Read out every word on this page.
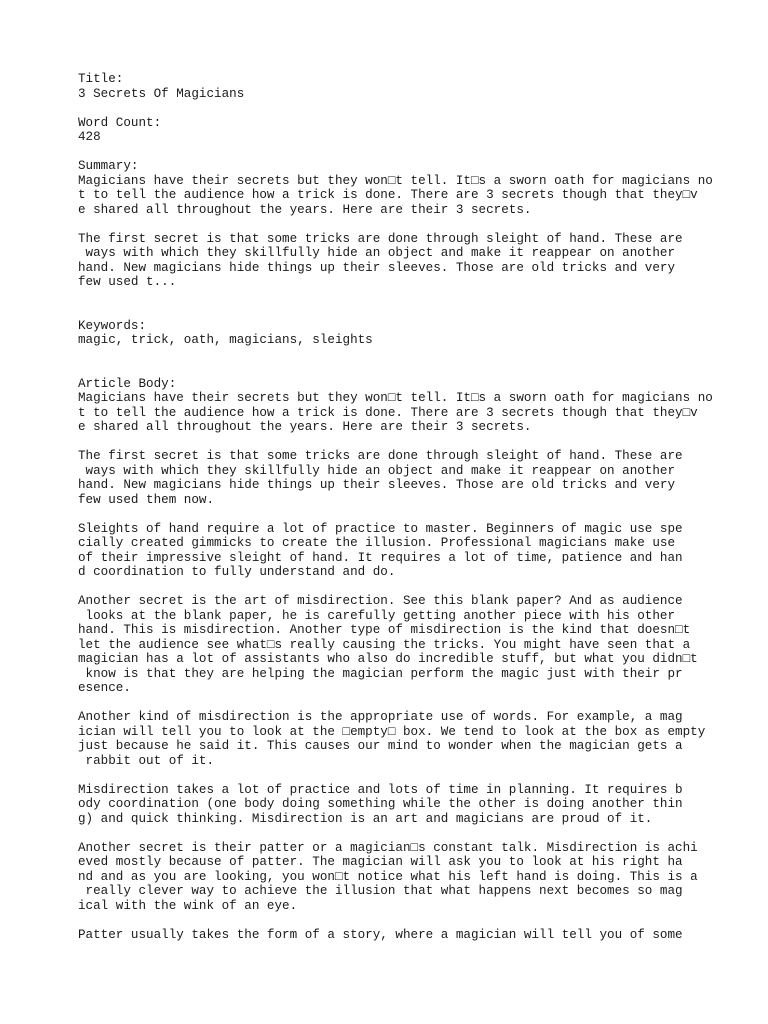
Title:
3 Secrets Of Magicians
Word Count:
428
Summary:
Magicians have their secrets but they won□t tell. It□s a sworn oath for magicians no
t to tell the audience how a trick is done. There are 3 secrets though that they□v
e shared all throughout the years. Here are their 3 secrets.
The first secret is that some tricks are done through sleight of hand. These are
ways with which they skillfully hide an object and make it reappear on another
hand. New magicians hide things up their sleeves. Those are old tricks and very
few used t...
Keywords:
magic, trick, oath, magicians, sleights
Article Body:
Magicians have their secrets but they won□t tell. It□s a sworn oath for magicians no
t to tell the audience how a trick is done. There are 3 secrets though that they□v
e shared all throughout the years. Here are their 3 secrets.
The first secret is that some tricks are done through sleight of hand. These are
ways with which they skillfully hide an object and make it reappear on another
hand. New magicians hide things up their sleeves. Those are old tricks and very
few used them now.
Sleights of hand require a lot of practice to master. Beginners of magic use spe
cially created gimmicks to create the illusion. Professional magicians make use
of their impressive sleight of hand. It requires a lot of time, patience and han
d coordination to fully understand and do.
Another secret is the art of misdirection. See this blank paper? And as audience
looks at the blank paper, he is carefully getting another piece with his other
hand. This is misdirection. Another type of misdirection is the kind that doesn□t
let the audience see what□s really causing the tricks. You might have seen that a
magician has a lot of assistants who also do incredible stuff, but what you didn□t
know is that they are helping the magician perform the magic just with their pr
esence.
Another kind of misdirection is the appropriate use of words. For example, a mag
ician will tell you to look at the □empty□ box. We tend to look at the box as empty
just because he said it. This causes our mind to wonder when the magician gets a
rabbit out of it.
Misdirection takes a lot of practice and lots of time in planning. It requires b
ody coordination (one body doing something while the other is doing another thin
g) and quick thinking. Misdirection is an art and magicians are proud of it.
Another secret is their patter or a magician□s constant talk. Misdirection is achi
eved mostly because of patter. The magician will ask you to look at his right ha
nd and as you are looking, you won□t notice what his left hand is doing. This is a
really clever way to achieve the illusion that what happens next becomes so mag
ical with the wink of an eye.
Patter usually takes the form of a story, where a magician will tell you of some
